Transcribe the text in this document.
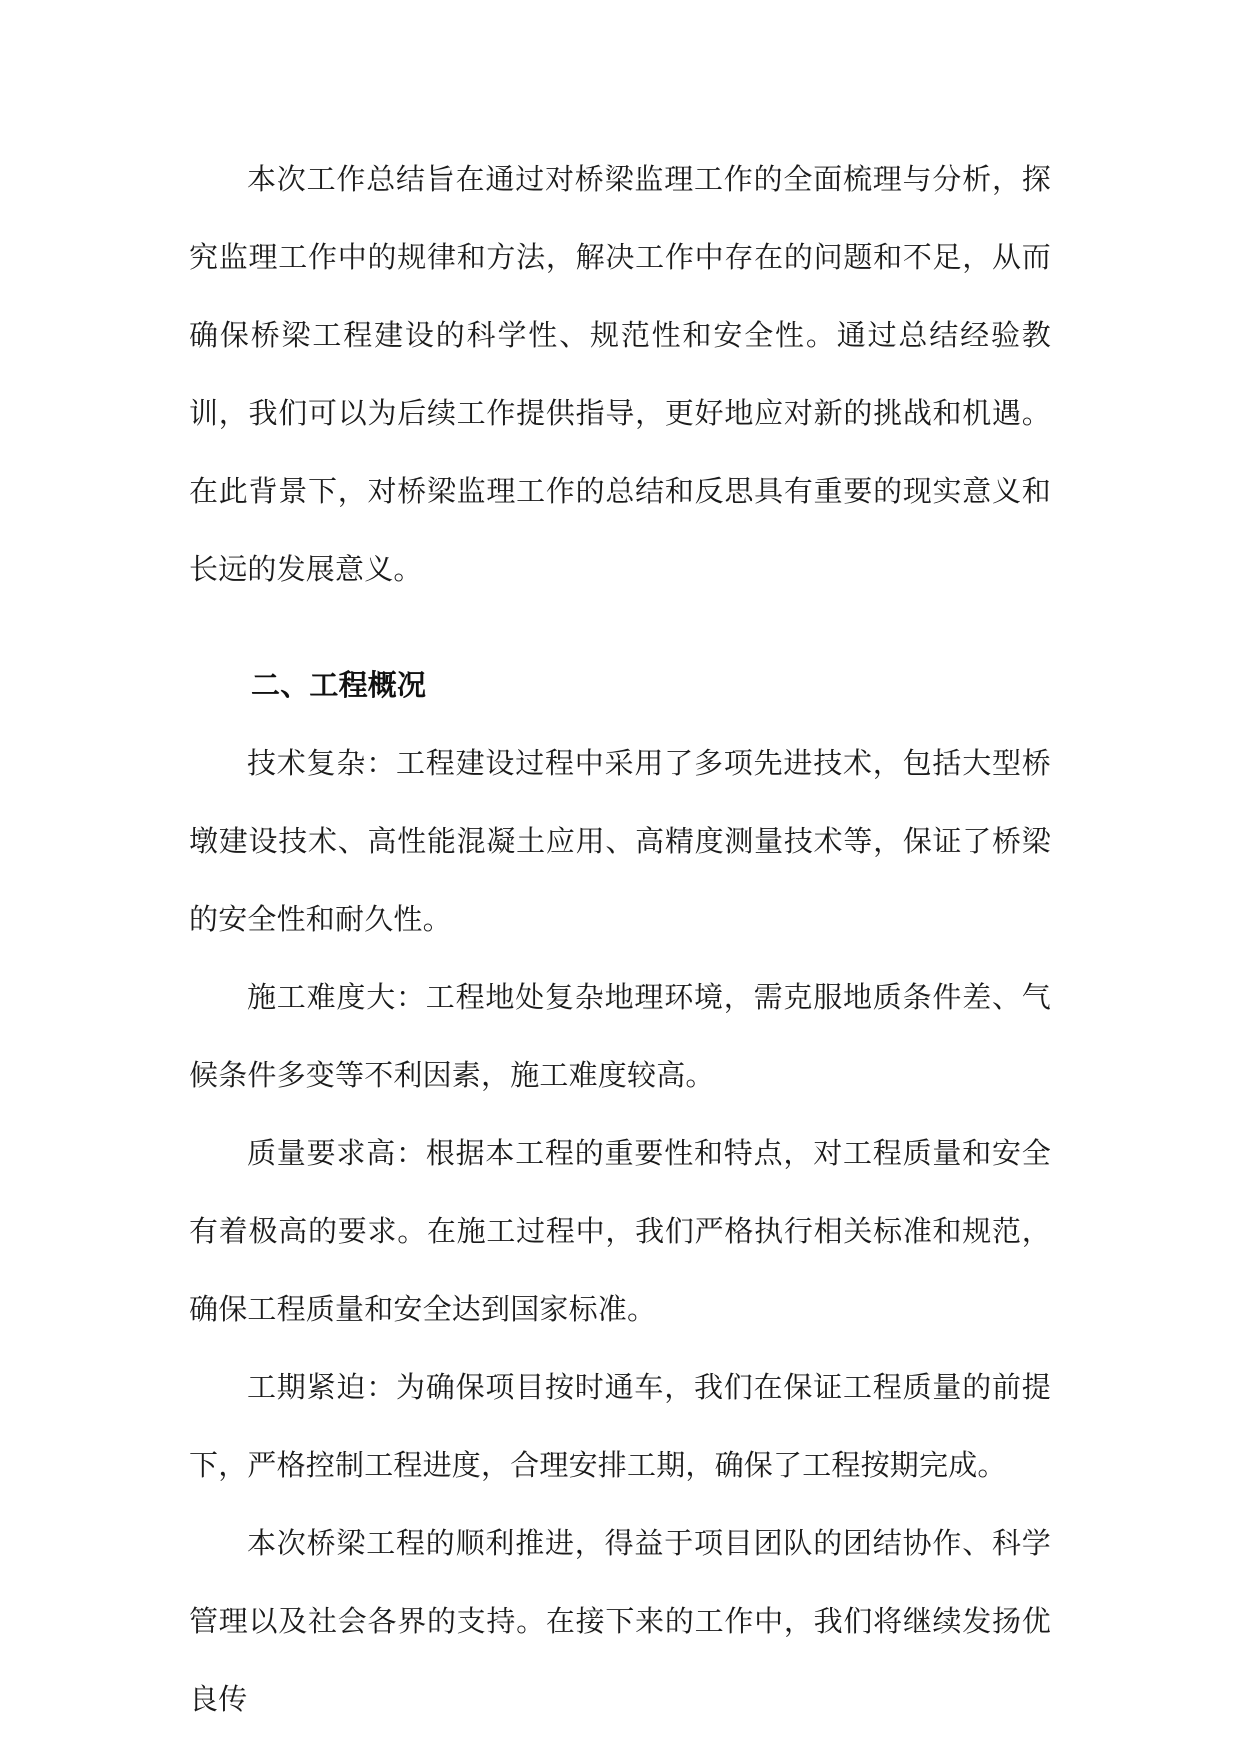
本次工作总结旨在通过对桥梁监理工作的全面梳理与分析，探究监理工作中的规律和方法，解决工作中存在的问题和不足，从而确保桥梁工程建设的科学性、规范性和安全性。通过总结经验教训，我们可以为后续工作提供指导，更好地应对新的挑战和机遇。在此背景下，对桥梁监理工作的总结和反思具有重要的现实意义和长远的发展意义。

二、工程概况

技术复杂：工程建设过程中采用了多项先进技术，包括大型桥墩建设技术、高性能混凝土应用、高精度测量技术等，保证了桥梁的安全性和耐久性。

施工难度大：工程地处复杂地理环境，需克服地质条件差、气候条件多变等不利因素，施工难度较高。

质量要求高：根据本工程的重要性和特点，对工程质量和安全有着极高的要求。在施工过程中，我们严格执行相关标准和规范，确保工程质量和安全达到国家标准。

工期紧迫：为确保项目按时通车，我们在保证工程质量的前提下，严格控制工程进度，合理安排工期，确保了工程按期完成。

本次桥梁工程的顺利推进，得益于项目团队的团结协作、科学管理以及社会各界的支持。在接下来的工作中，我们将继续发扬优良传
